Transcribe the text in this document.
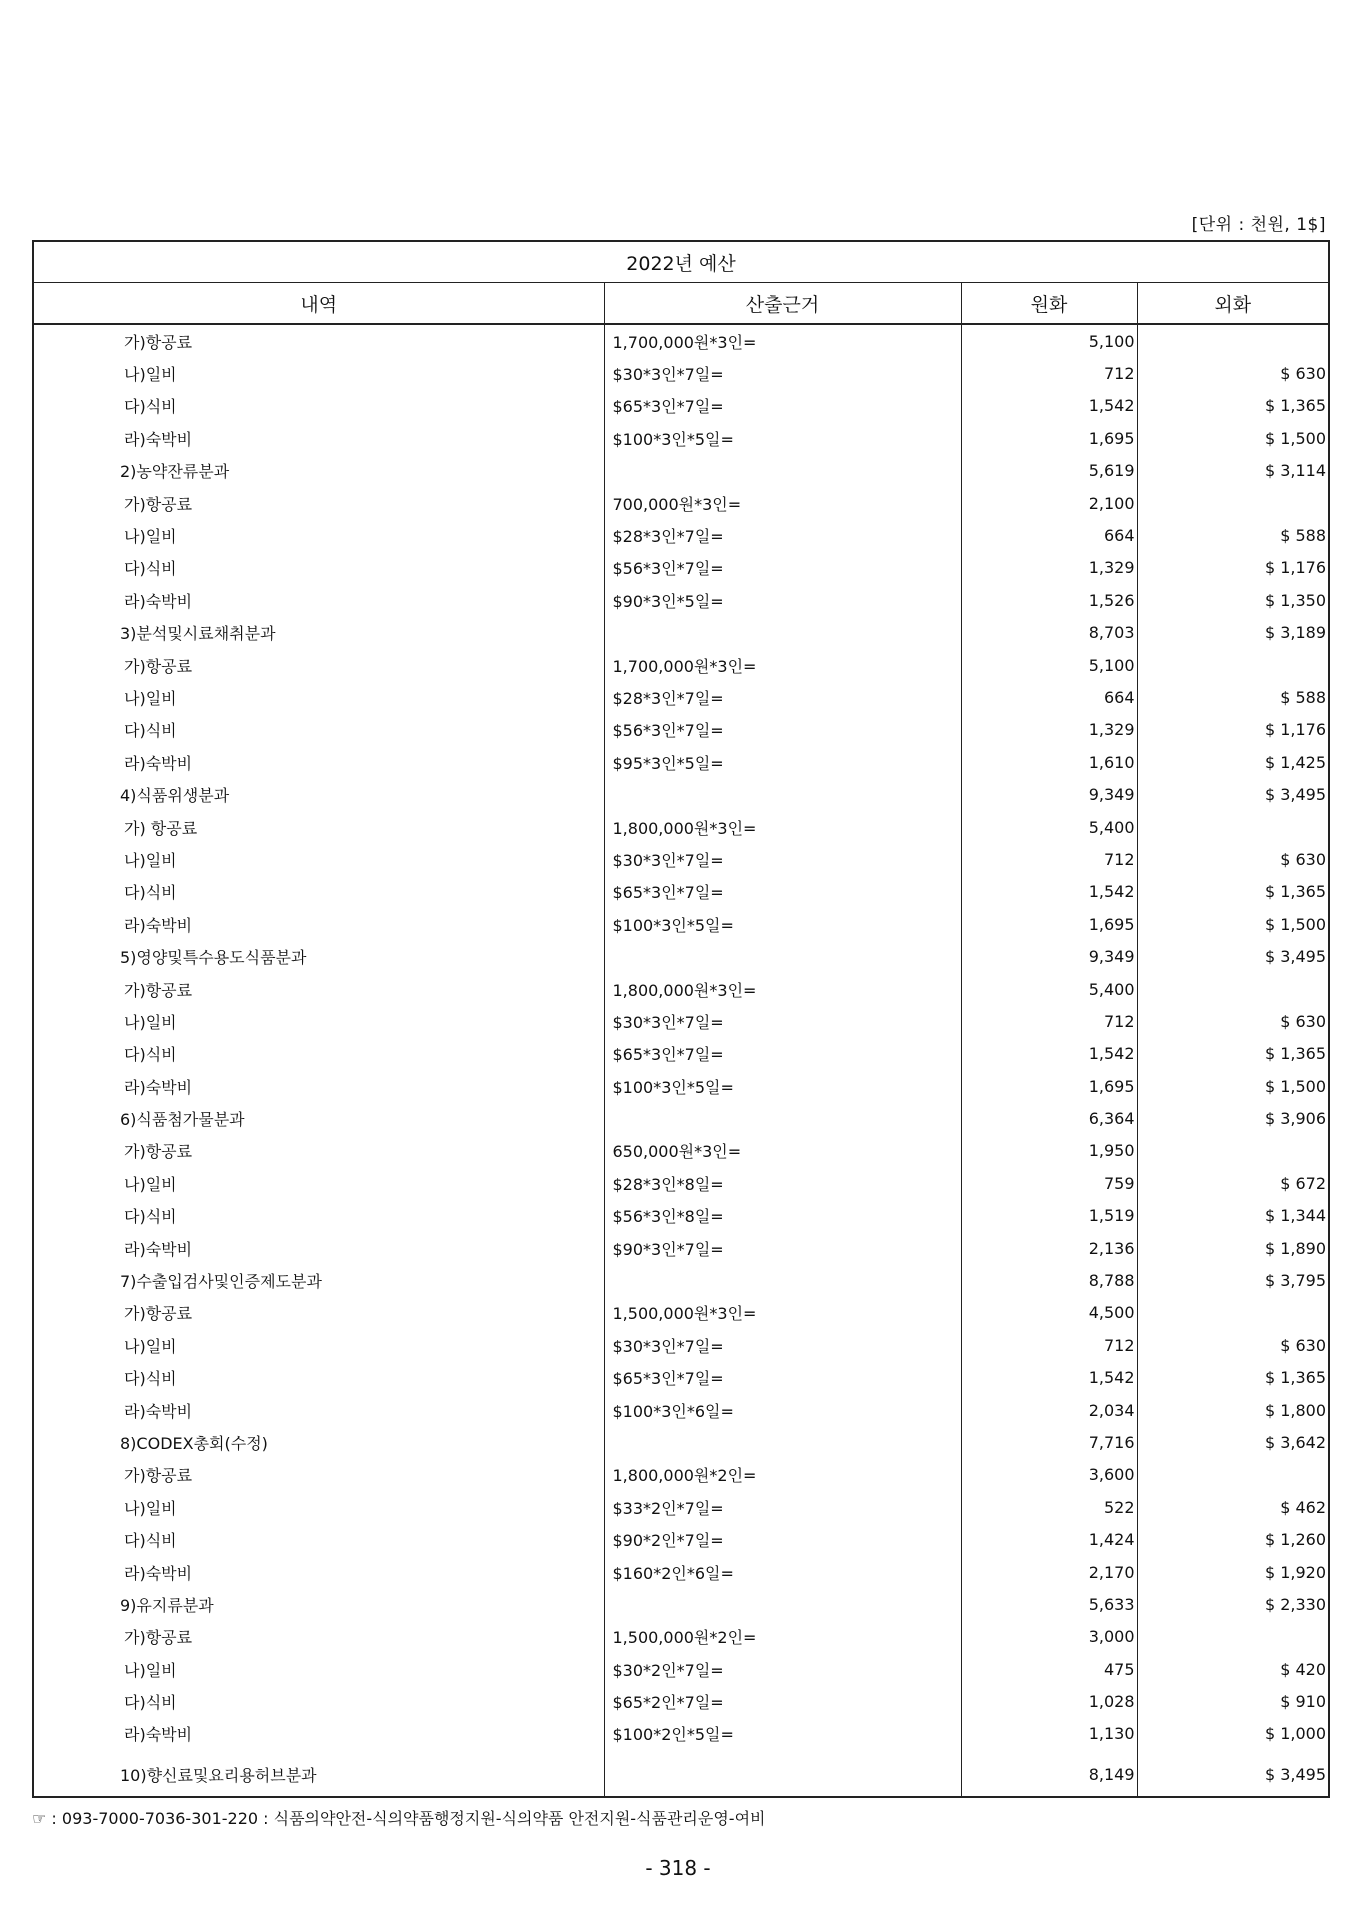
[단위 : 천원, 1$]
2022년 예산			
내역	산출근거	원화	외화
가)항공료	1,700,000원*3인=	5,100	
나)일비	$30*3인*7일=	712	$ 630
다)식비	$65*3인*7일=	1,542	$ 1,365
라)숙박비	$100*3인*5일=	1,695	$ 1,500
2)농약잔류분과		5,619	$ 3,114
가)항공료	700,000원*3인=	2,100	
나)일비	$28*3인*7일=	664	$ 588
다)식비	$56*3인*7일=	1,329	$ 1,176
라)숙박비	$90*3인*5일=	1,526	$ 1,350
3)분석및시료채취분과		8,703	$ 3,189
가)항공료	1,700,000원*3인=	5,100	
나)일비	$28*3인*7일=	664	$ 588
다)식비	$56*3인*7일=	1,329	$ 1,176
라)숙박비	$95*3인*5일=	1,610	$ 1,425
4)식품위생분과		9,349	$ 3,495
가) 항공료	1,800,000원*3인=	5,400	
나)일비	$30*3인*7일=	712	$ 630
다)식비	$65*3인*7일=	1,542	$ 1,365
라)숙박비	$100*3인*5일=	1,695	$ 1,500
5)영양및특수용도식품분과		9,349	$ 3,495
가)항공료	1,800,000원*3인=	5,400	
나)일비	$30*3인*7일=	712	$ 630
다)식비	$65*3인*7일=	1,542	$ 1,365
라)숙박비	$100*3인*5일=	1,695	$ 1,500
6)식품첨가물분과		6,364	$ 3,906
가)항공료	650,000원*3인=	1,950	
나)일비	$28*3인*8일=	759	$ 672
다)식비	$56*3인*8일=	1,519	$ 1,344
라)숙박비	$90*3인*7일=	2,136	$ 1,890
7)수출입검사및인증제도분과		8,788	$ 3,795
가)항공료	1,500,000원*3인=	4,500	
나)일비	$30*3인*7일=	712	$ 630
다)식비	$65*3인*7일=	1,542	$ 1,365
라)숙박비	$100*3인*6일=	2,034	$ 1,800
8)CODEX총회(수정)		7,716	$ 3,642
가)항공료	1,800,000원*2인=	3,600	
나)일비	$33*2인*7일=	522	$ 462
다)식비	$90*2인*7일=	1,424	$ 1,260
라)숙박비	$160*2인*6일=	2,170	$ 1,920
9)유지류분과		5,633	$ 2,330
가)항공료	1,500,000원*2인=	3,000	
나)일비	$30*2인*7일=	475	$ 420
다)식비	$65*2인*7일=	1,028	$ 910
라)숙박비	$100*2인*5일=	1,130	$ 1,000
10)향신료및요리용허브분과		8,149	$ 3,495
☞ : 093-7000-7036-301-220 : 식품의약안전-식의약품행정지원-식의약품 안전지원-식품관리운영-여비
- 318 -
